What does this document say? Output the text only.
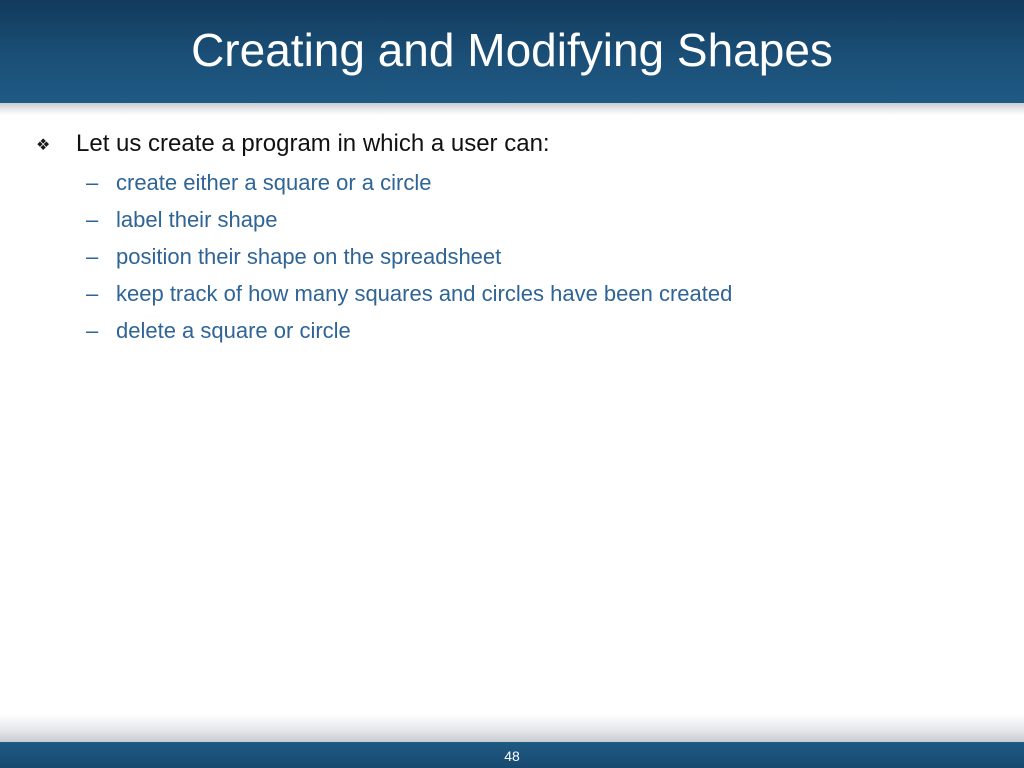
Creating and Modifying Shapes
❖	Let us create a program in which a user can:
– create either a square or a circle
– label their shape
– position their shape on the spreadsheet
– keep track of how many squares and circles have been created
– delete a square or circle
48
